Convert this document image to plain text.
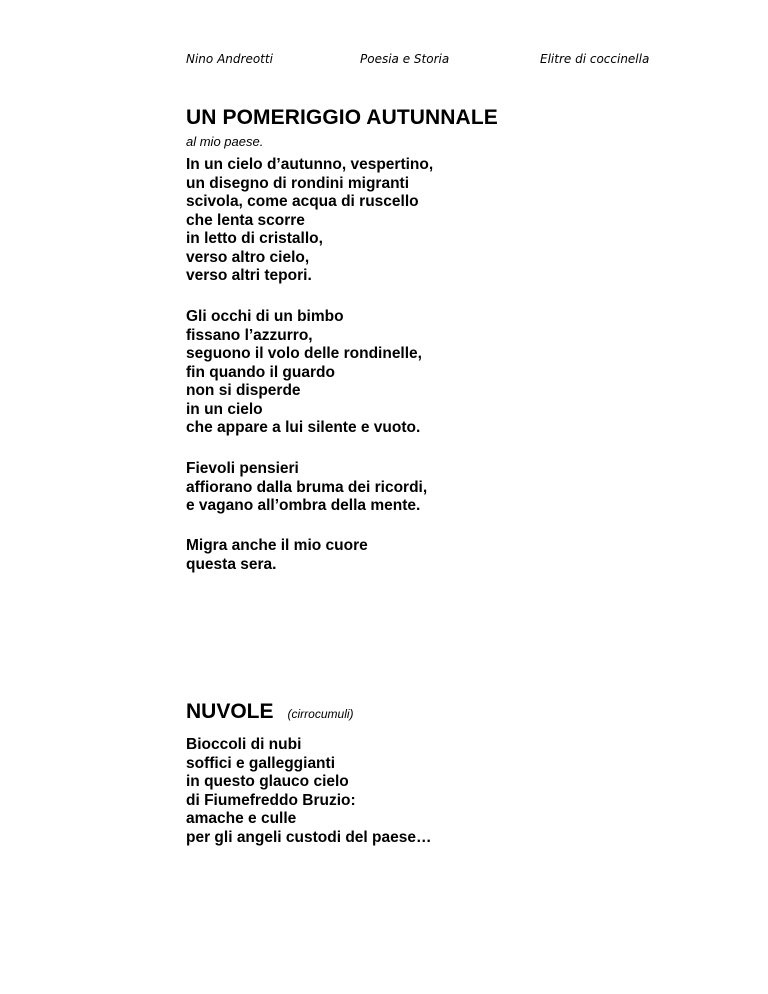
Nino Andreotti	Poesia e Storia	Elitre di coccinella
UN POMERIGGIO AUTUNNALE
al mio paese.
In un cielo d’autunno, vespertino,
un disegno di rondini migranti
scivola, come acqua di ruscello
che lenta scorre
in letto di cristallo,
verso altro cielo,
verso altri tepori.
Gli occhi di un bimbo
fissano l’azzurro,
seguono il volo delle rondinelle,
fin quando il guardo
non si disperde
in un cielo
che appare a lui silente e vuoto.
Fievoli pensieri
affiorano dalla bruma dei ricordi,
e vagano all’ombra della mente.
Migra anche il mio cuore
questa sera.
NUVOLE (cirrocumuli)
Bioccoli di nubi
soffici e galleggianti
in questo glauco cielo
di Fiumefreddo Bruzio:
amache e culle
per gli angeli custodi del paese…
